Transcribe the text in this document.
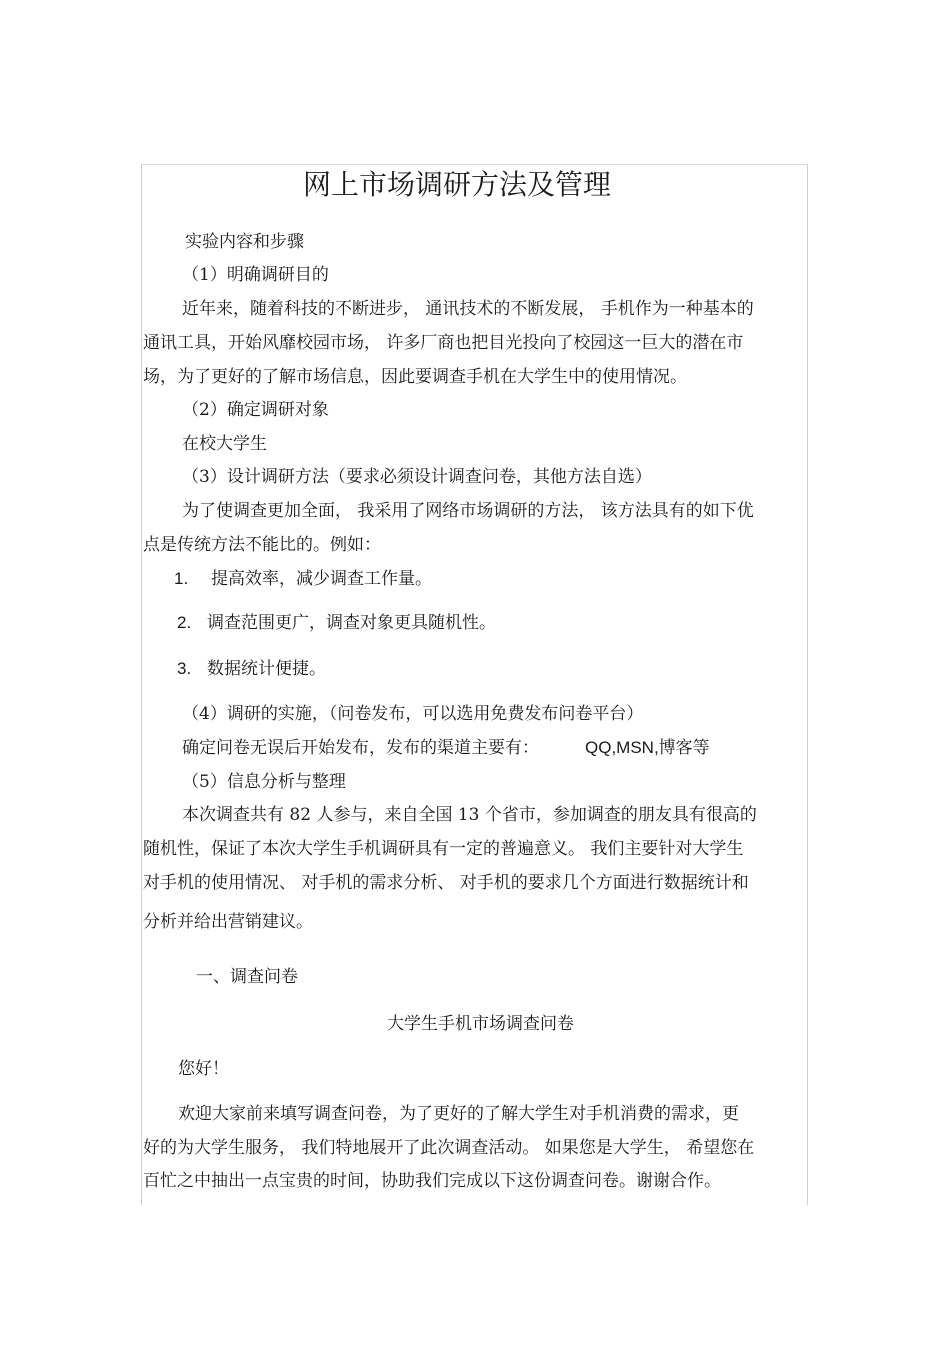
网上市场调研方法及管理
实验内容和步骤
（1）明确调研目的
近年来，随着科技的不断进步， 通讯技术的不断发展， 手机作为一种基本的
通讯工具，开始风靡校园市场， 许多厂商也把目光投向了校园这一巨大的潜在市
场，为了更好的了解市场信息，因此要调查手机在大学生中的使用情况。
（2）确定调研对象
在校大学生
（3）设计调研方法（要求必须设计调查问卷，其他方法自选）
为了使调查更加全面， 我采用了网络市场调研的方法， 该方法具有的如下优
点是传统方法不能比的。例如：
1. 提高效率，减少调查工作量。
2. 调查范围更广，调查对象更具随机性。
3. 数据统计便捷。
（4）调研的实施，（问卷发布，可以选用免费发布问卷平台）
确定问卷无误后开始发布，发布的渠道主要有：	QQ,MSN,博客等
（5）信息分析与整理
本次调查共有 82 人参与，来自全国 13 个省市，参加调查的朋友具有很高的
随机性，保证了本次大学生手机调研具有一定的普遍意义。 我们主要针对大学生
对手机的使用情况、 对手机的需求分析、 对手机的要求几个方面进行数据统计和
分析并给出营销建议。
一、调查问卷
大学生手机市场调查问卷
您好！
欢迎大家前来填写调查问卷，为了更好的了解大学生对手机消费的需求，更
好的为大学生服务， 我们特地展开了此次调查活动。 如果您是大学生， 希望您在
百忙之中抽出一点宝贵的时间，协助我们完成以下这份调查问卷。谢谢合作。
